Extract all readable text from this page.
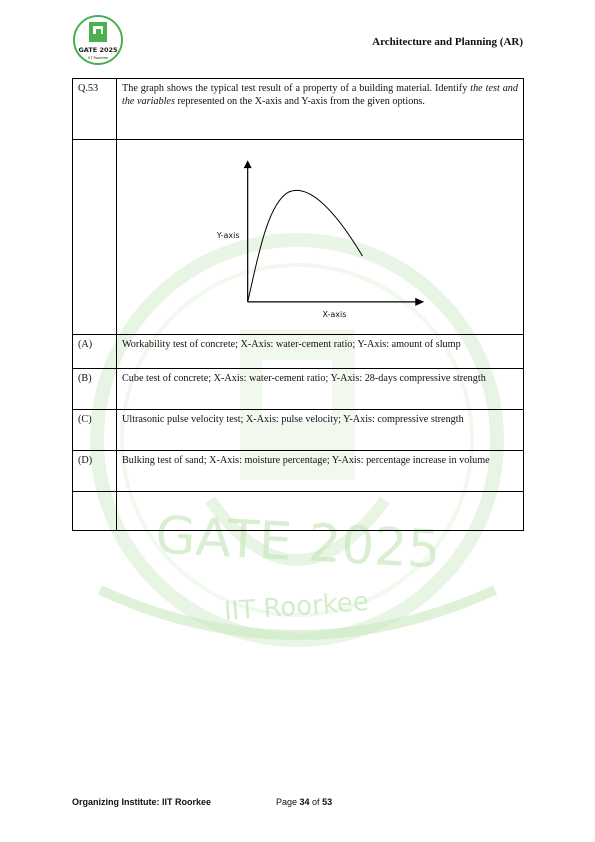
GATE 2025
IIT Roorkee
GATE 2025
IIT Roorkee
Architecture and Planning (AR)
Q.53	The graph shows the typical test result of a property of a building material. Identify the test and the variables represented on the X-axis and Y-axis from the given options.

Y-axis
X-axis

(A)	Workability test of concrete; X-Axis: water-cement ratio; Y-Axis: amount of slump
(B)	Cube test of concrete; X-Axis: water-cement ratio; Y-Axis: 28-days compressive strength
(C)	Ultrasonic pulse velocity test; X-Axis: pulse velocity; Y-Axis: compressive strength
(D)	Bulking test of sand; X-Axis: moisture percentage; Y-Axis: percentage increase in volume

Organizing Institute: IIT Roorkee	Page 34 of 53
